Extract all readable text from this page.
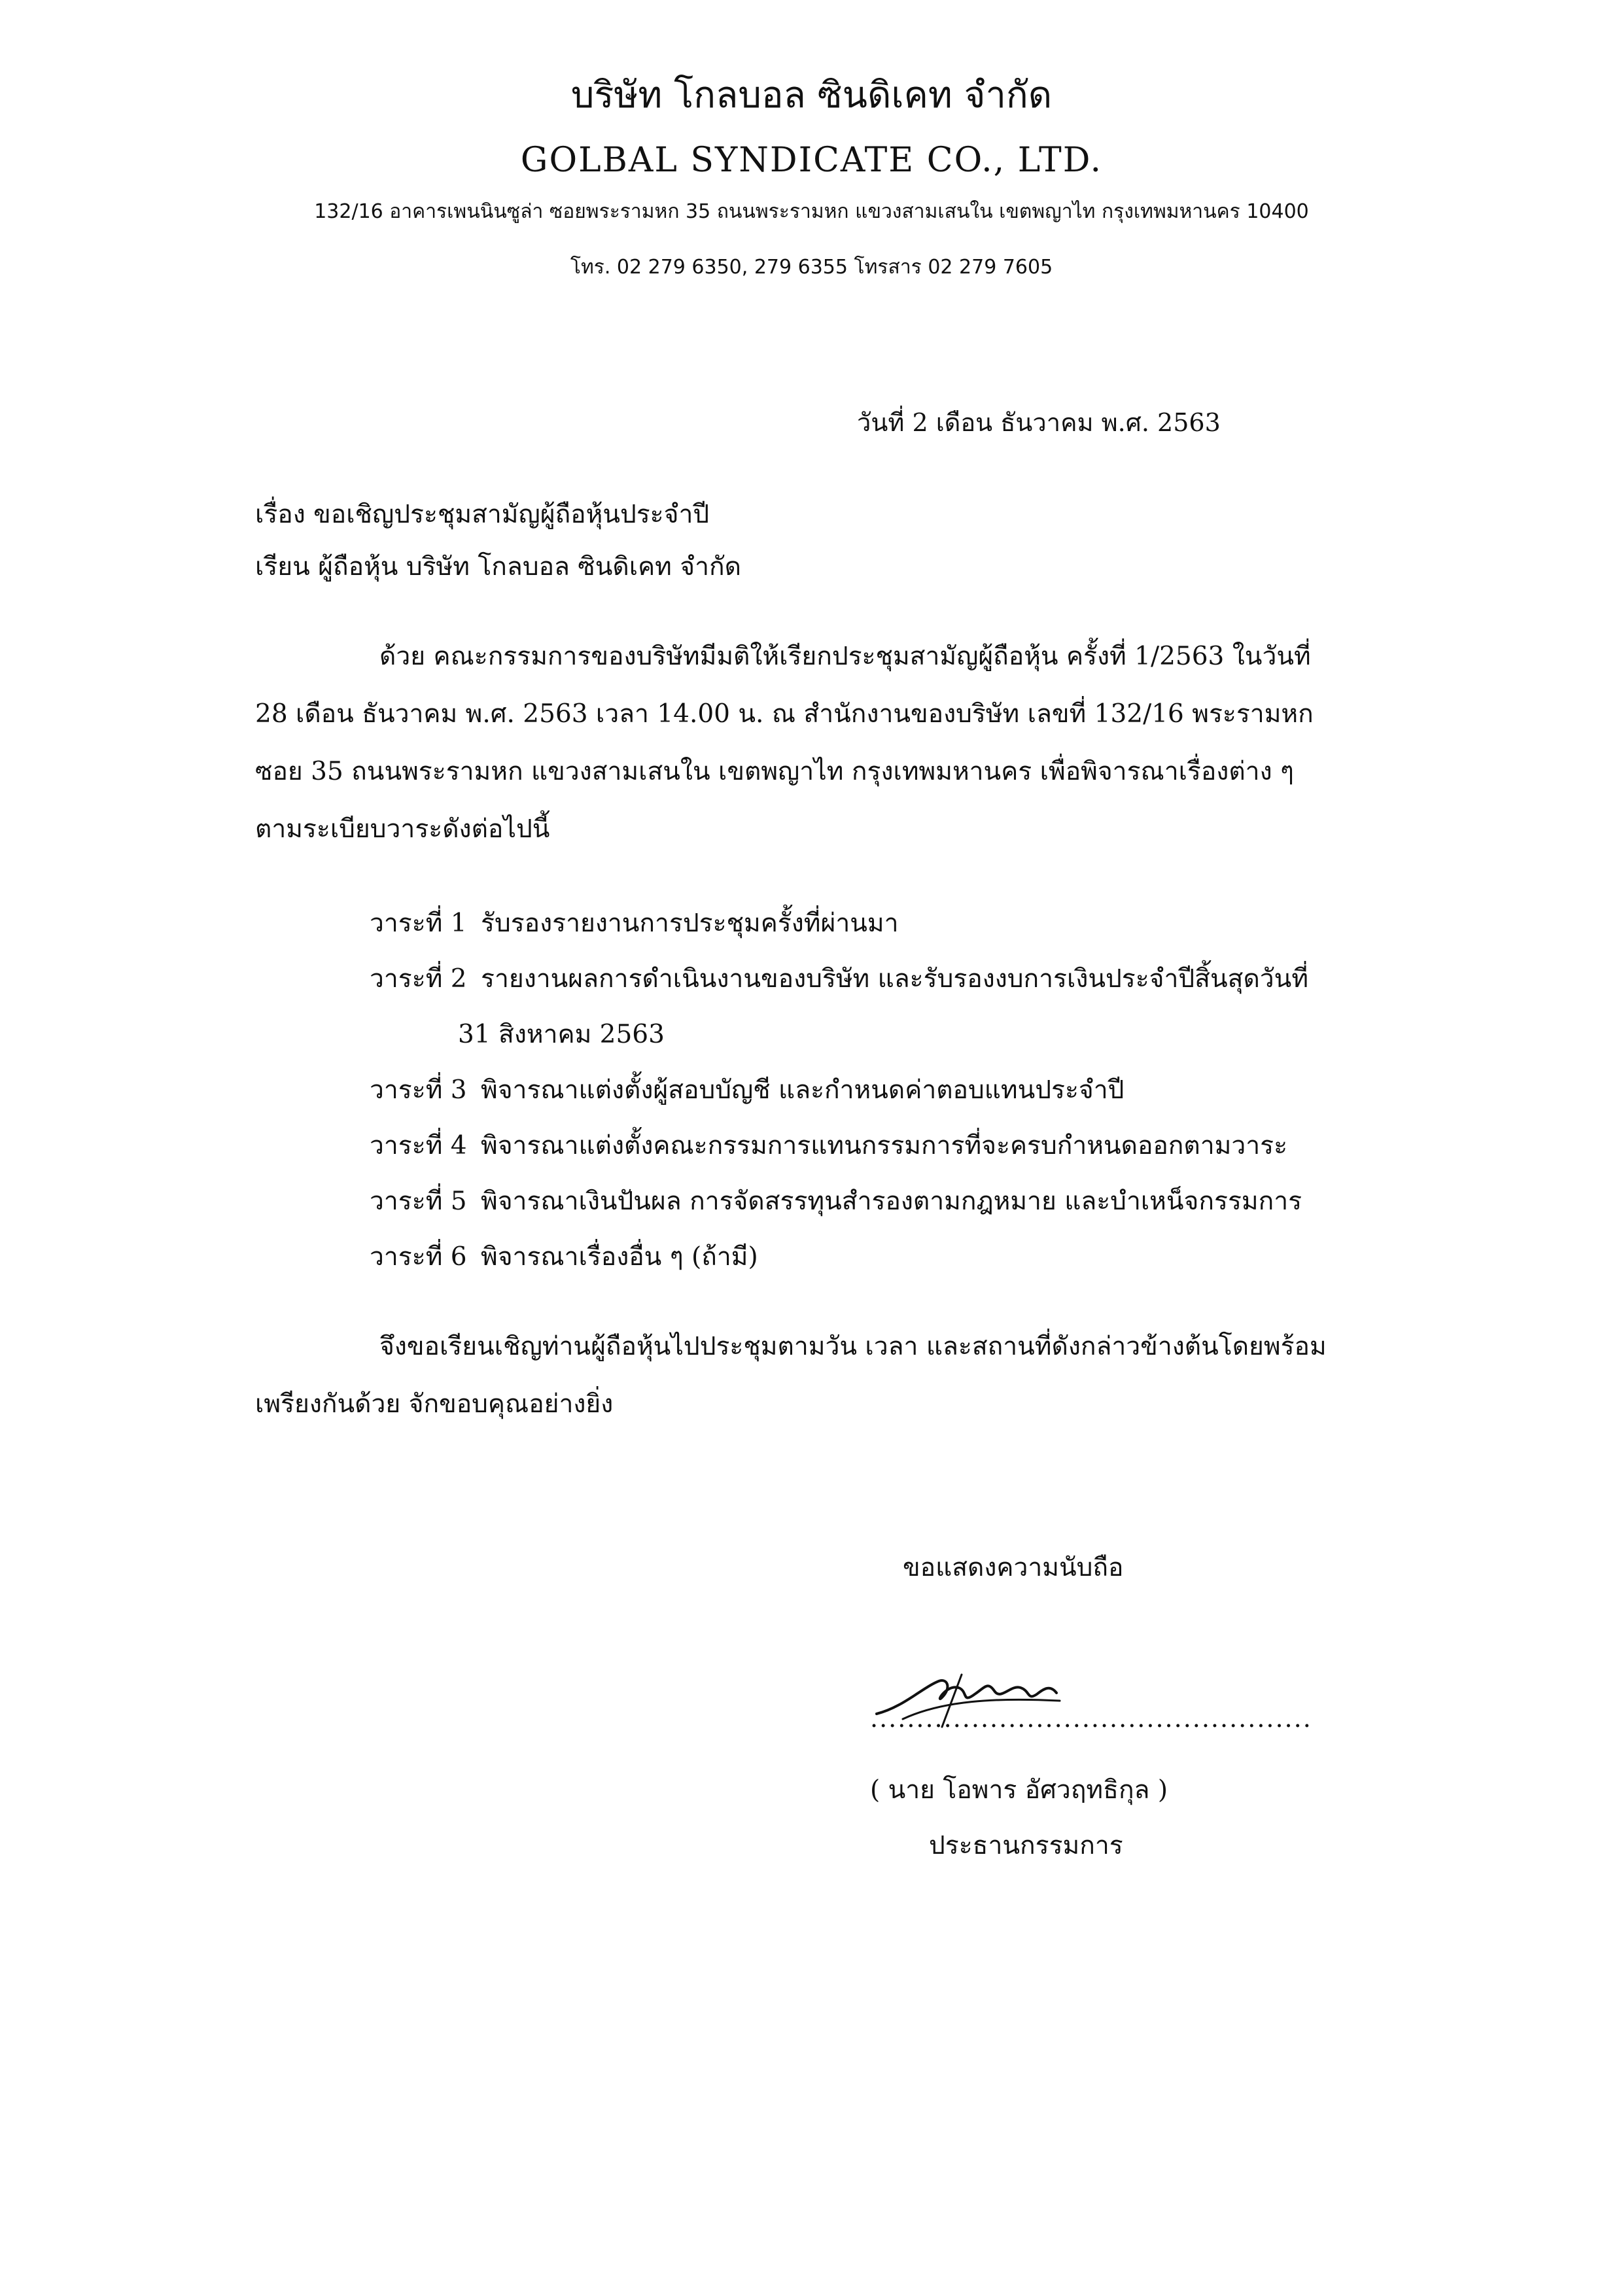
บริษัท โกลบอล ซินดิเคท จำกัด
GOLBAL SYNDICATE CO., LTD.
132/16 อาคารเพนนินซูล่า ซอยพระรามหก 35 ถนนพระรามหก แขวงสามเสนใน เขตพญาไท กรุงเทพมหานคร 10400
โทร. 02 279 6350, 279 6355 โทรสาร 02 279 7605
วันที่ 2 เดือน ธันวาคม พ.ศ. 2563
เรื่อง ขอเชิญประชุมสามัญผู้ถือหุ้นประจำปี
เรียน ผู้ถือหุ้น บริษัท โกลบอล ซินดิเคท จำกัด
ด้วย คณะกรรมการของบริษัทมีมติให้เรียกประชุมสามัญผู้ถือหุ้น ครั้งที่ 1/2563 ในวันที่
28 เดือน ธันวาคม พ.ศ. 2563 เวลา 14.00 น. ณ สำนักงานของบริษัท เลขที่ 132/16 พระรามหก
ซอย 35 ถนนพระรามหก แขวงสามเสนใน เขตพญาไท กรุงเทพมหานคร เพื่อพิจารณาเรื่องต่าง ๆ
ตามระเบียบวาระดังต่อไปนี้
วาระที่ 1 รับรองรายงานการประชุมครั้งที่ผ่านมา
วาระที่ 2 รายงานผลการดำเนินงานของบริษัท และรับรองงบการเงินประจำปีสิ้นสุดวันที่
31 สิงหาคม 2563
วาระที่ 3 พิจารณาแต่งตั้งผู้สอบบัญชี และกำหนดค่าตอบแทนประจำปี
วาระที่ 4 พิจารณาแต่งตั้งคณะกรรมการแทนกรรมการที่จะครบกำหนดออกตามวาระ
วาระที่ 5 พิจารณาเงินปันผล การจัดสรรทุนสำรองตามกฎหมาย และบำเหน็จกรรมการ
วาระที่ 6 พิจารณาเรื่องอื่น ๆ (ถ้ามี)
จึงขอเรียนเชิญท่านผู้ถือหุ้นไปประชุมตามวัน เวลา และสถานที่ดังกล่าวข้างต้นโดยพร้อม
เพรียงกันด้วย จักขอบคุณอย่างยิ่ง
ขอแสดงความนับถือ
................................................
( นาย โอพาร อัศวฤทธิกุล )
ประธานกรรมการ
